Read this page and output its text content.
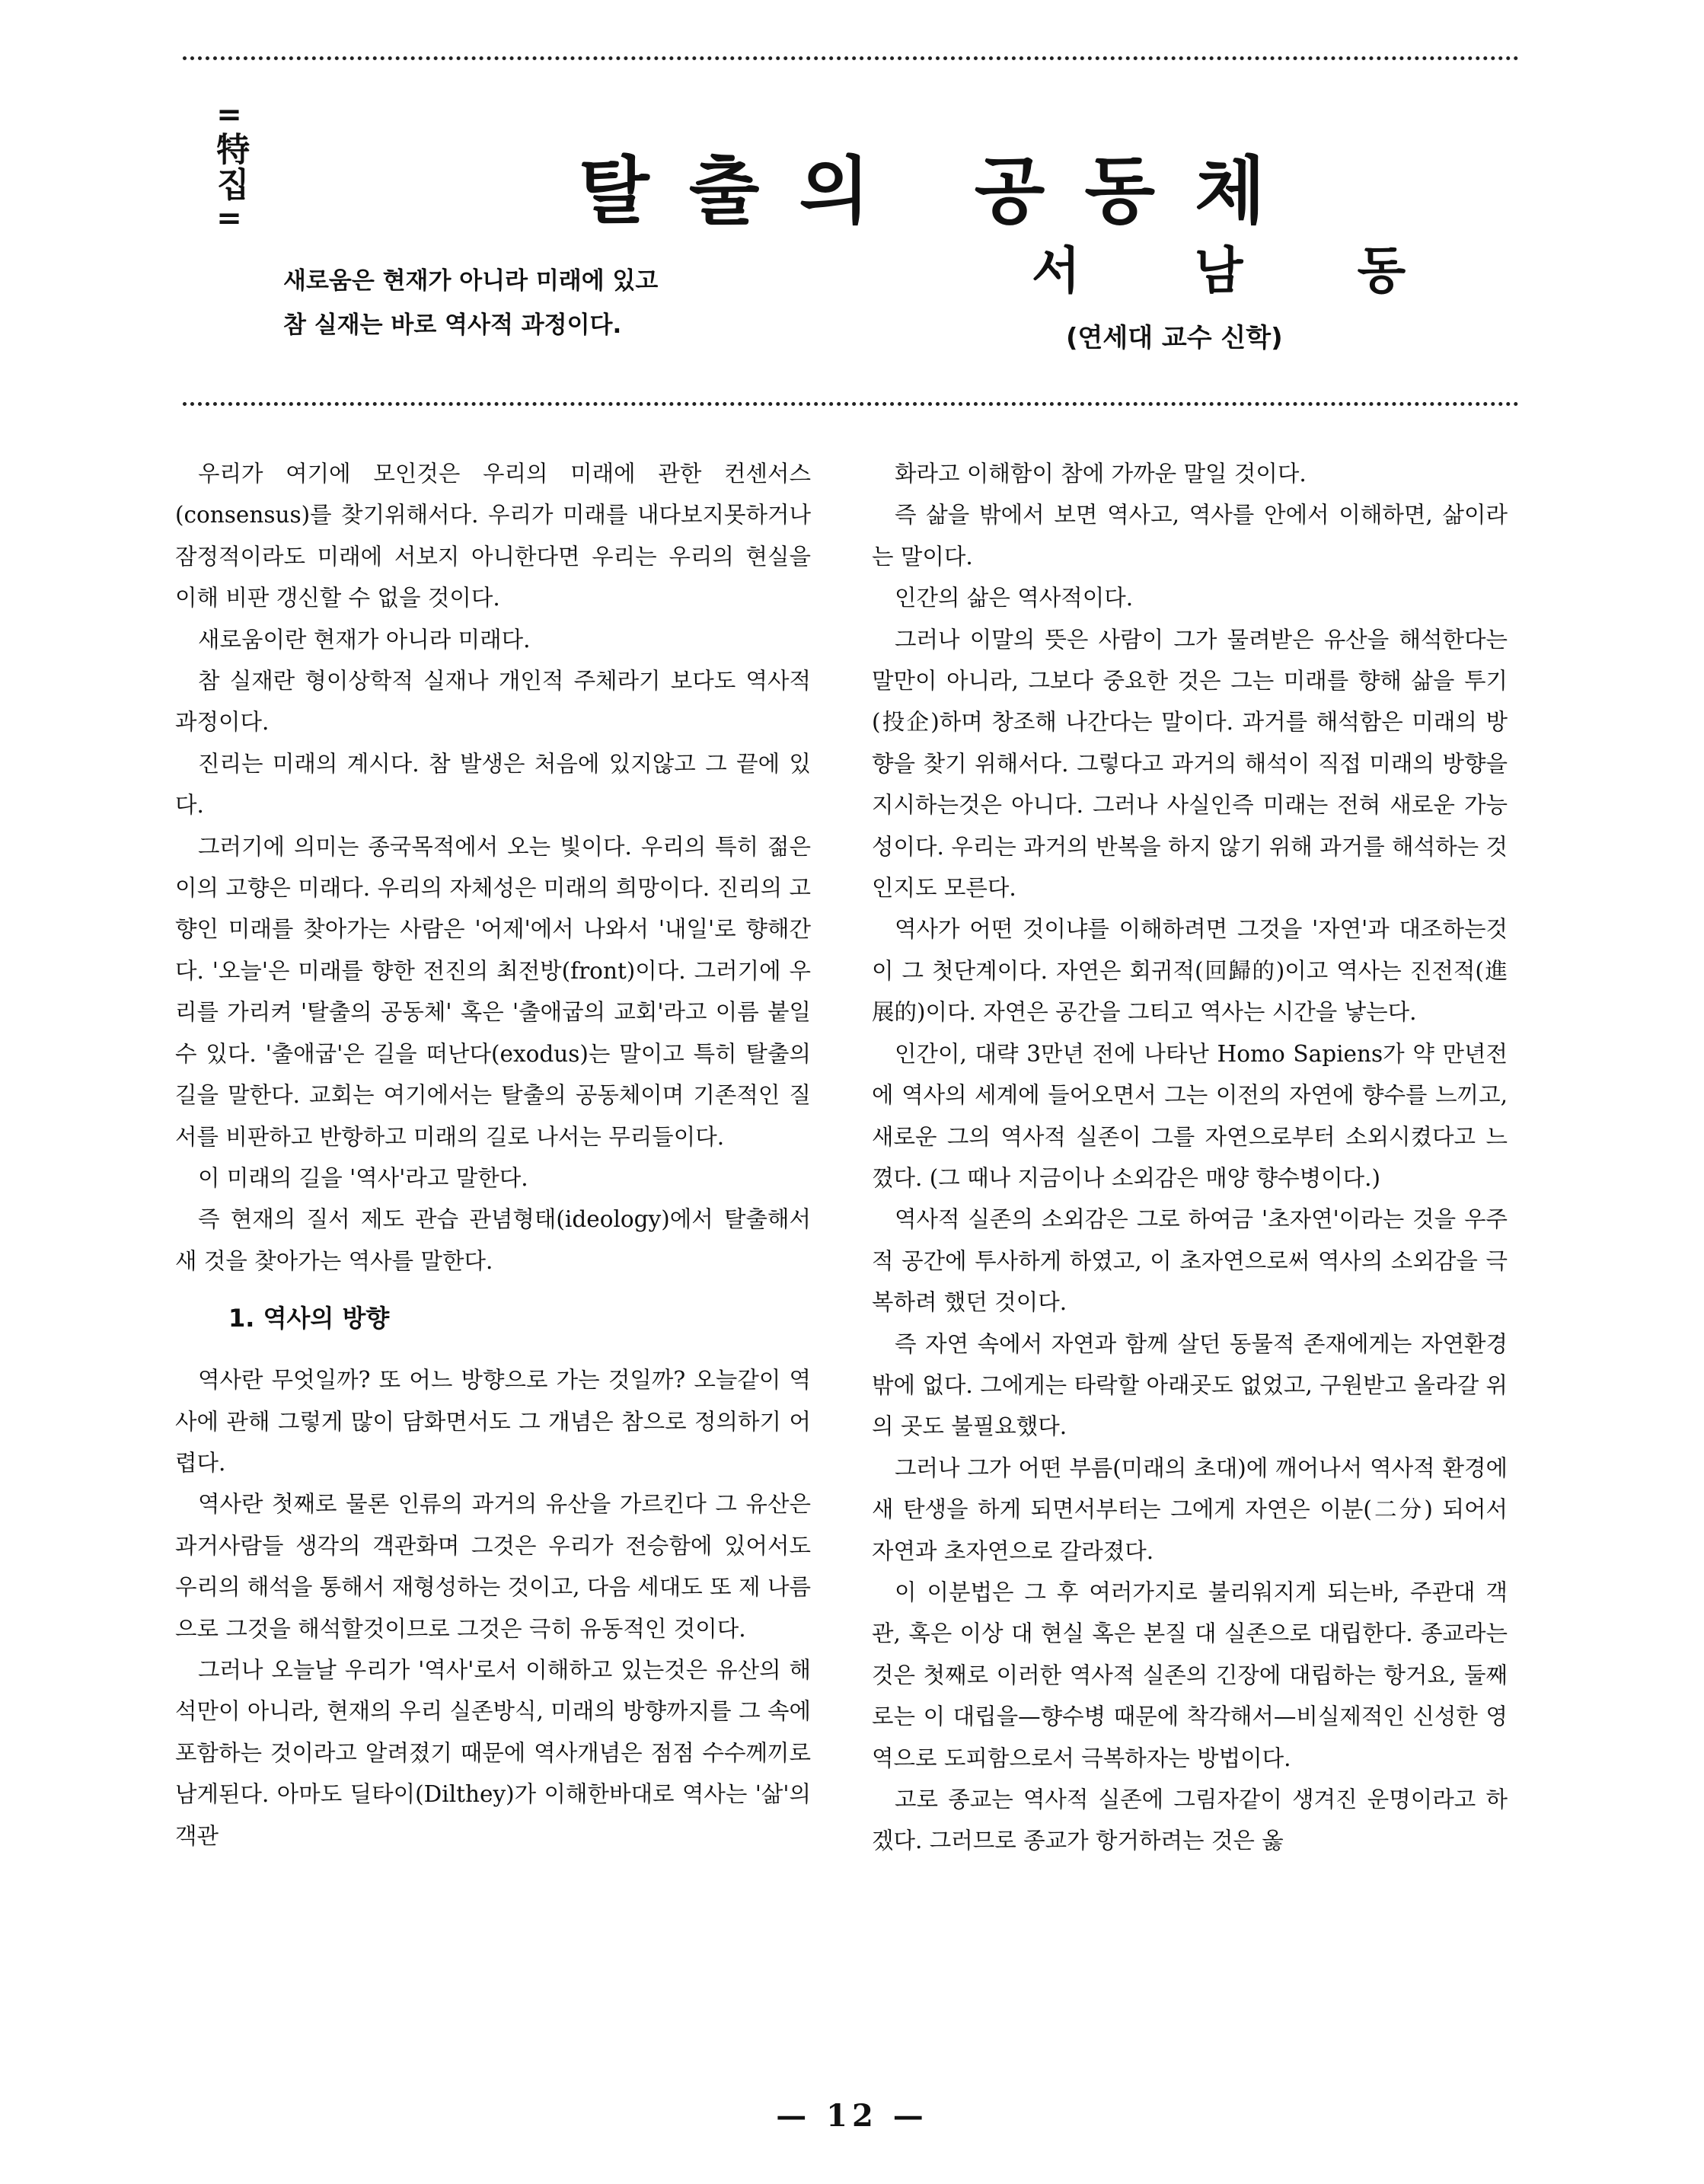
=
特집
=	탈출의 공동체
새로움은 현재가 아니라 미래에 있고
참 실재는 바로 역사적 과정이다.
서남동
(연세대 교수 신학)

우리가 여기에 모인것은 우리의 미래에 관한 컨센서스(consensus)를 찾기위해서다. 우리가 미래를 내다보지못하거나 잠정적이라도 미래에 서보지 아니한다면 우리는 우리의 현실을 이해 비판 갱신할 수 없을 것이다.

새로움이란 현재가 아니라 미래다.

참 실재란 형이상학적 실재나 개인적 주체라기 보다도 역사적 과정이다.

진리는 미래의 계시다. 참 발생은 처음에 있지않고 그 끝에 있다.

그러기에 의미는 종국목적에서 오는 빛이다. 우리의 특히 젊은이의 고향은 미래다. 우리의 자체성은 미래의 희망이다. 진리의 고향인 미래를 찾아가는 사람은 '어제'에서 나와서 '내일'로 향해간다. '오늘'은 미래를 향한 전진의 최전방(front)이다. 그러기에 우리를 가리켜 '탈출의 공동체' 혹은 '출애굽의 교회'라고 이름 붙일 수 있다. '출애굽'은 길을 떠난다(exodus)는 말이고 특히 탈출의 길을 말한다. 교회는 여기에서는 탈출의 공동체이며 기존적인 질서를 비판하고 반항하고 미래의 길로 나서는 무리들이다.

이 미래의 길을 '역사'라고 말한다.

즉 현재의 질서 제도 관습 관념형태(ideology)에서 탈출해서 새 것을 찾아가는 역사를 말한다.

1. 역사의 방향

역사란 무엇일까? 또 어느 방향으로 가는 것일까? 오늘같이 역사에 관해 그렇게 많이 담화면서도 그 개념은 참으로 정의하기 어렵다.

역사란 첫째로 물론 인류의 과거의 유산을 가르킨다 그 유산은 과거사람들 생각의 객관화며 그것은 우리가 전승함에 있어서도 우리의 해석을 통해서 재형성하는 것이고, 다음 세대도 또 제 나름으로 그것을 해석할것이므로 그것은 극히 유동적인 것이다.

그러나 오늘날 우리가 '역사'로서 이해하고 있는것은 유산의 해석만이 아니라, 현재의 우리 실존방식, 미래의 방향까지를 그 속에 포함하는 것이라고 알려졌기 때문에 역사개념은 점점 수수께끼로 남게된다. 아마도 딜타이(Dilthey)가 이해한바대로 역사는 '삶'의 객관

화라고 이해함이 참에 가까운 말일 것이다.

즉 삶을 밖에서 보면 역사고, 역사를 안에서 이해하면, 삶이라는 말이다.

인간의 삶은 역사적이다.

그러나 이말의 뜻은 사람이 그가 물려받은 유산을 해석한다는 말만이 아니라, 그보다 중요한 것은 그는 미래를 향해 삶을 투기(投企)하며 창조해 나간다는 말이다. 과거를 해석함은 미래의 방향을 찾기 위해서다. 그렇다고 과거의 해석이 직접 미래의 방향을 지시하는것은 아니다. 그러나 사실인즉 미래는 전혀 새로운 가능성이다. 우리는 과거의 반복을 하지 않기 위해 과거를 해석하는 것인지도 모른다.

역사가 어떤 것이냐를 이해하려면 그것을 '자연'과 대조하는것이 그 첫단계이다. 자연은 회귀적(回歸的)이고 역사는 진전적(進展的)이다. 자연은 공간을 그티고 역사는 시간을 낳는다.

인간이, 대략 3만년 전에 나타난 Homo Sapiens가 약 만년전에 역사의 세계에 들어오면서 그는 이전의 자연에 향수를 느끼고, 새로운 그의 역사적 실존이 그를 자연으로부터 소외시켰다고 느꼈다. (그 때나 지금이나 소외감은 매양 향수병이다.)

역사적 실존의 소외감은 그로 하여금 '초자연'이라는 것을 우주적 공간에 투사하게 하였고, 이 초자연으로써 역사의 소외감을 극복하려 했던 것이다.

즉 자연 속에서 자연과 함께 살던 동물적 존재에게는 자연환경밖에 없다. 그에게는 타락할 아래곳도 없었고, 구원받고 올라갈 위의 곳도 불필요했다.

그러나 그가 어떤 부름(미래의 초대)에 깨어나서 역사적 환경에 새 탄생을 하게 되면서부터는 그에게 자연은 이분(二分) 되어서 자연과 초자연으로 갈라졌다.

이 이분법은 그 후 여러가지로 불리워지게 되는바, 주관대 객관, 혹은 이상 대 현실 혹은 본질 대 실존으로 대립한다. 종교라는 것은 첫째로 이러한 역사적 실존의 긴장에 대립하는 항거요, 둘째로는 이 대립을—향수병 때문에 착각해서—비실제적인 신성한 영역으로 도피함으로서 극복하자는 방법이다.

고로 종교는 역사적 실존에 그림자같이 생겨진 운명이라고 하겠다. 그러므로 종교가 항거하려는 것은 옳

— 12 —
